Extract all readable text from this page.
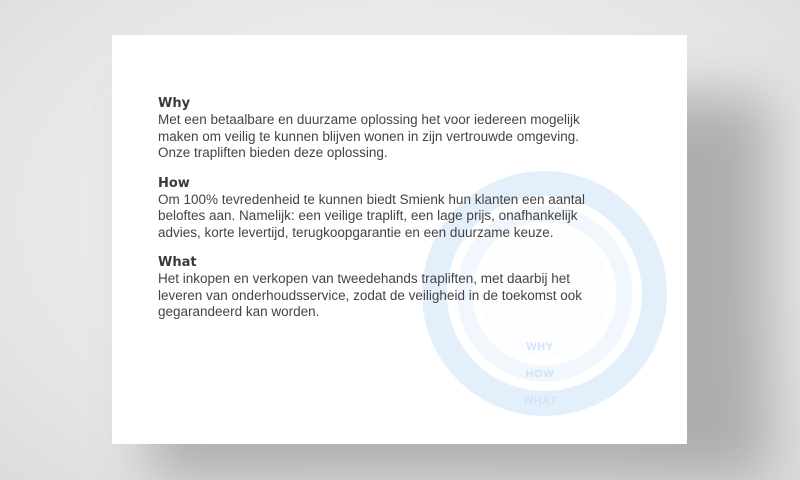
WHY
HOW
WHAT
Why
Met een betaalbare en duurzame oplossing het voor iedereen mogelijk maken om veilig te kunnen blijven wonen in zijn vertrouwde omgeving. Onze trapliften bieden deze oplossing.
How
Om 100% tevredenheid te kunnen biedt Smienk hun klanten een aantal beloftes aan. Namelijk: een veilige traplift, een lage prijs, onafhankelijk advies, korte levertijd, terugkoopgarantie en een duurzame keuze.
What
Het inkopen en verkopen van tweedehands trapliften, met daarbij het leveren van onderhoudsservice, zodat de veiligheid in de toekomst ook gegarandeerd kan worden.
